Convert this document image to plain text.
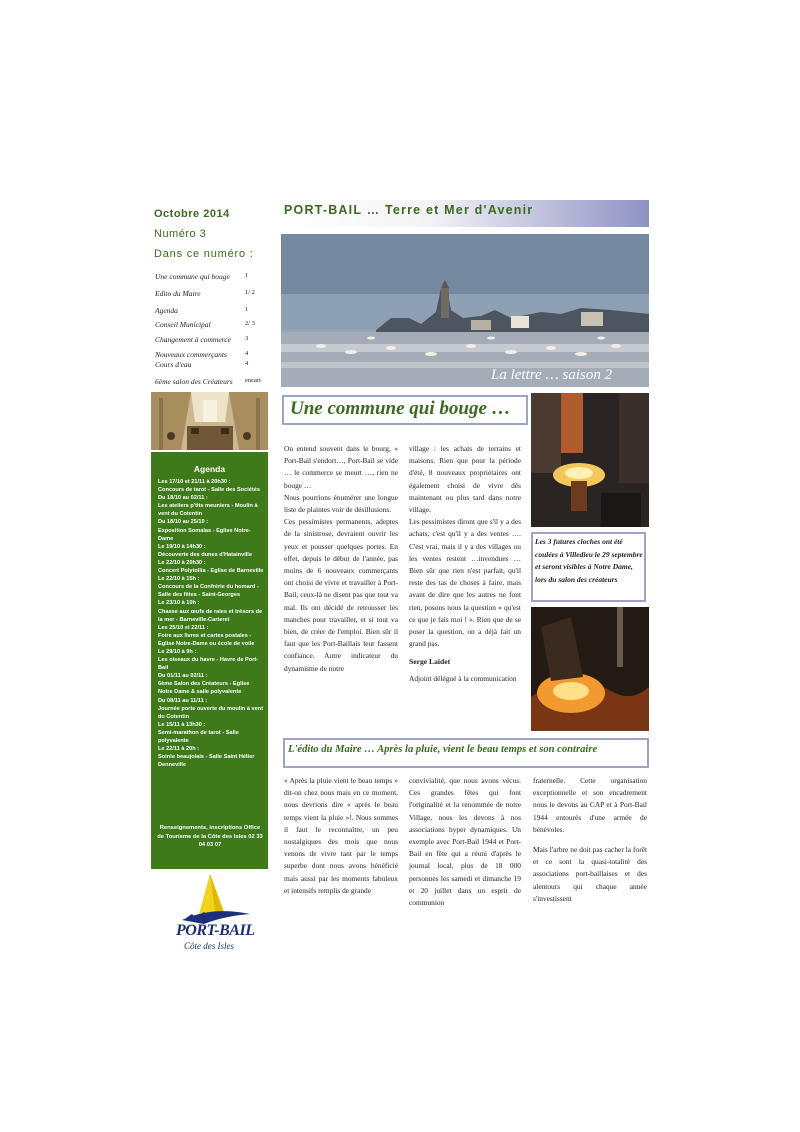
Octobre 2014
Numéro 3
Dans ce numéro :
Une commune qui bouge 1
Edito du Maire	1/ 2
Agenda	1
Conseil Municipal	2/ 3
Changement à commerce 3
Nouveaux commerçants	4
Cours d'eau	4
6ème salon des Créateurs encart
Agenda
Les 17/10 et 21/11 à 20h30 :
Concours de tarot - Salle des Sociétés
Du 18/10 au 02/11 :
Les ateliers p'tits meuniers - Moulin à vent du Cotentin
Du 18/10 au 25/10 :
Exposition Somalas - Eglise Notre-Dame
Le 19/10 à 14h30 :
Découverte des dunes d'Hatainville
Le 22/10 à 20h30 :
Concert Polytollia - Eglise de Barneville
Le 22/10 à 15h :
Concours de la Confrérie du homard - Salle des fêtes - Saint-Georges
Le 23/10 à 10h :
Chasse aux œufs de raies et trésors de la mer - Barneville-Carteret
Les 25/10 et 22/11 :
Foire aux livres et cartes postales - Eglise Notre-Dame ou école de voile
Le 29/10 à 9h :
Les oiseaux du havre - Havre de Port-Bail
Du 01/11 au 02/11 :
6ème Salon des Créateurs - Eglise Notre Dame & salle polyvalente
Du 08/11 au 11/11 :
Journée porte ouverte du moulin à vent du Cotentin
Le 15/11 à 13h30 :
Semi-marathon de tarot - Salle polyvalente
Le 22/11 à 20h :
Soirée beaujolais - Salle Saint Hélier Denneville
Renseignements, inscriptions Office de Tourisme de la Côte des Isles 02 33 04 03 07
PORT-BAIL
Côte des Isles
PORT-BAIL … Terre et Mer d'Avenir
La lettre … saison 2
Une commune qui bouge …

On entend souvent dans le bourg, « Port-Bail s'endort…, Port-Bail se vide … le commerce se meurt …, rien ne bouge …

Nous pourrions énumérer une longue liste de plaintes voir de désillusions.

Ces pessimistes permanents, adeptes de la sinistrose, devraient ouvrir les yeux et pousser quelques portes. En effet, depuis le début de l'année, pas moins de 6 nouveaux commerçants ont choisi de vivre et travailler à Port-Bail, ceux-là ne disent pas que tout va mal. Ils ont décidé de retrousser les manches pour travailler, et si tout va bien, de créer de l'emploi. Bien sûr il faut que les Port-Baillais leur fassent confiance. Autre indicateur du dynamisme de notre

village : les achats de terrains et maisons. Rien que pour la période d'été, 8 nouveaux propriétaires ont également choisi de vivre dès maintenant ou plus tard dans notre village.

Les pessimistes diront que s'il y a des achats, c'est qu'il y a des ventes …. C'est vrai, mais il y a des villages ou les ventes restent …invendues … Bien sûr que rien n'est parfait, qu'il reste des tas de choses à faire, mais avant de dire que les autres ne font rien, posons nous la question « qu'est ce que je fais moi ! ». Rien que de se poser la question, on a déjà fait un grand pas.

Serge Laidet

Adjoint délégué à la communication

Les 3 futures cloches ont été coulées à Villedieu le 29 septembre et seront visibles à Notre Dame, lors du salon des créateurs
L'édito du Maire … Après la pluie, vient le beau temps et son contraire

« Après la pluie vient le beau temps » dit-on chez nous mais en ce moment, nous devrions dire « après le beau temps vient la pluie »!. Nous sommes il faut le reconnaître, un peu nostalgiques des mois que nous venons de vivre tant par le temps superbe dont nous avons bénéficié mais aussi par les moments fabuleux et intensifs remplis de grande

convivialité, que nous avons vécus. Ces grandes fêtes qui font l'originalité et la renommée de notre Village, nous les devons à nos associations hyper dynamiques. Un exemple avec Port-Bail 1944 et Port-Bail en fête qui a réuni d'après le journal local, plus de 18 000 personnes les samedi et dimanche 19 et 20 juillet dans un esprit de communion

fraternelle. Cette organisation exceptionnelle et son encadrement nous le devons au CAP et à Port-Bail 1944 entourés d'une armée de bénévoles.

Mais l'arbre ne doit pas cacher la forêt et ce sont la quasi-totalité des associations port-baillaises et des alentours qui chaque année s'investissent
